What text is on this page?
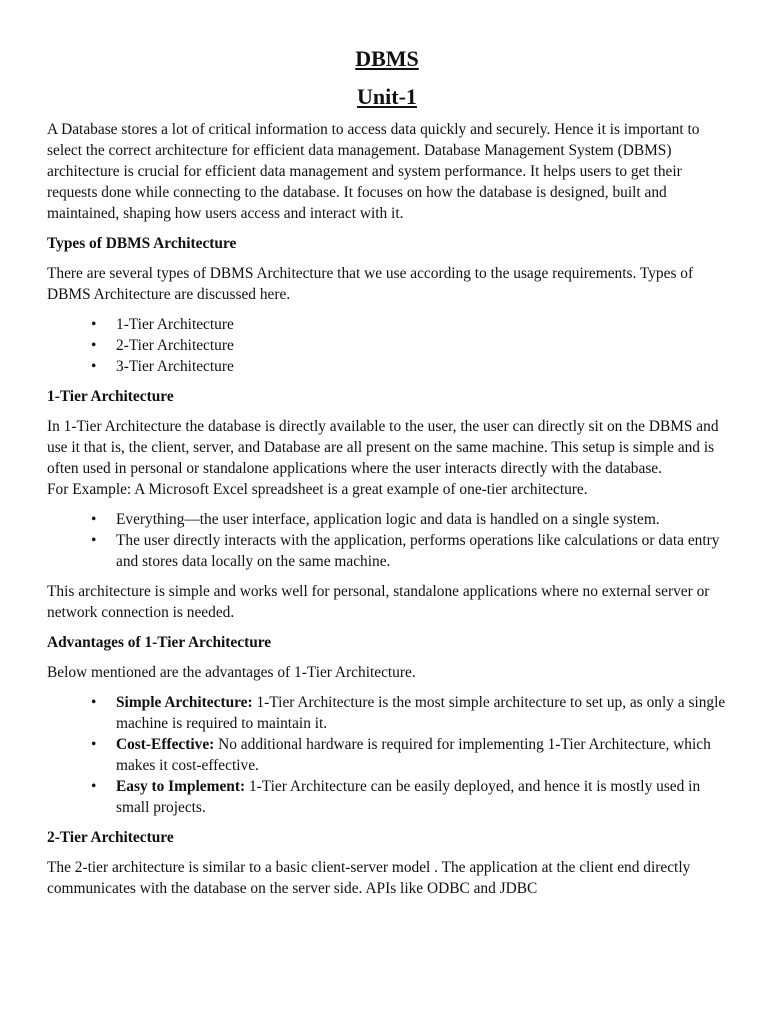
DBMS
Unit-1

A Database stores a lot of critical information to access data quickly and securely. Hence it is important to select the correct architecture for efficient data management. Database Management System (DBMS) architecture is crucial for efficient data management and system performance. It helps users to get their requests done while connecting to the database. It focuses on how the database is designed, built and maintained, shaping how users access and interact with it.

Types of DBMS Architecture

There are several types of DBMS Architecture that we use according to the usage requirements. Types of DBMS Architecture are discussed here.

• 1-Tier Architecture
• 2-Tier Architecture
• 3-Tier Architecture
1-Tier Architecture

In 1-Tier Architecture the database is directly available to the user, the user can directly sit on the DBMS and use it that is, the client, server, and Database are all present on the same machine. This setup is simple and is often used in personal or standalone applications where the user interacts directly with the database.

For Example: A Microsoft Excel spreadsheet is a great example of one-tier architecture.

• Everything—the user interface, application logic and data is handled on a single system.
• The user directly interacts with the application, performs operations like calculations or data entry and stores data locally on the same machine.

This architecture is simple and works well for personal, standalone applications where no external server or network connection is needed.

Advantages of 1-Tier Architecture

Below mentioned are the advantages of 1-Tier Architecture.

• Simple Architecture: 1-Tier Architecture is the most simple architecture to set up, as only a single machine is required to maintain it.
• Cost-Effective: No additional hardware is required for implementing 1-Tier Architecture, which makes it cost-effective.
• Easy to Implement: 1-Tier Architecture can be easily deployed, and hence it is mostly used in small projects.
2-Tier Architecture

The 2-tier architecture is similar to a basic client-server model . The application at the client end directly communicates with the database on the server side. APIs like ODBC and JDBC
